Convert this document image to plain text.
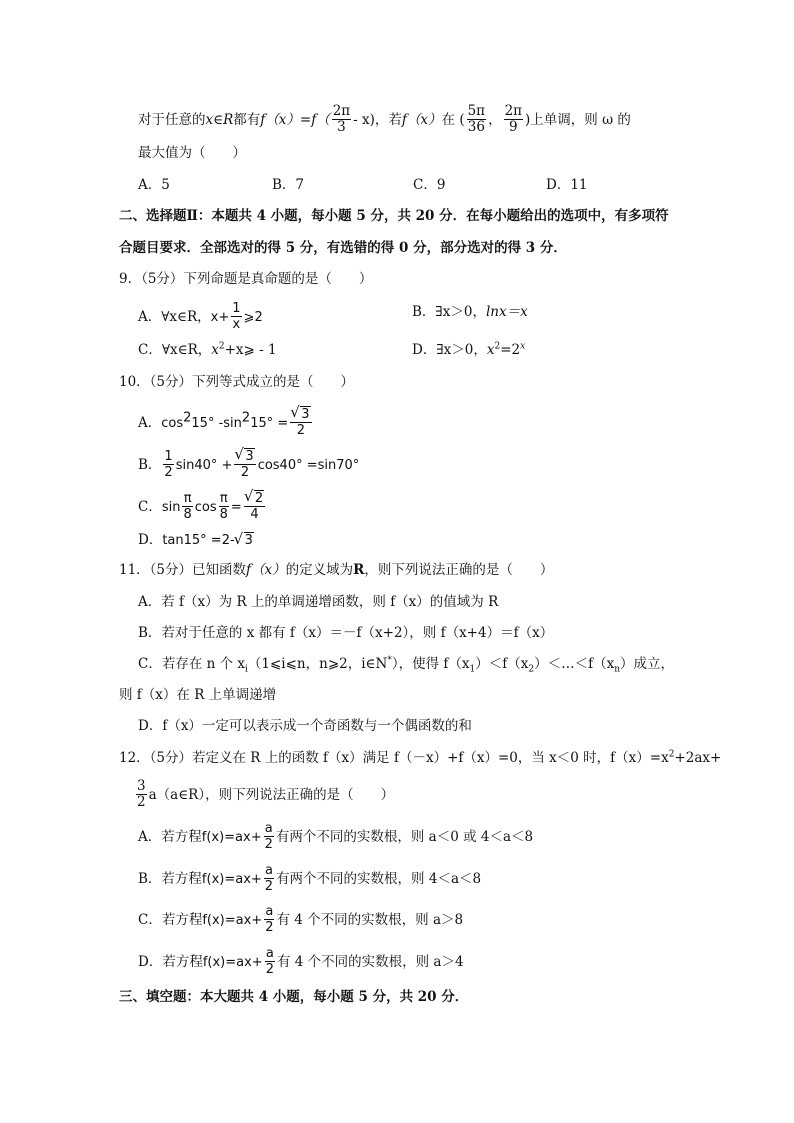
对于任意的x∈R都有$f(x)=f( \frac{2\pi}{3} - x)$，若f（x）在 ( $\frac{5\pi}{36}$ ， $\frac{2\pi}{9}$ )上单调，则 ω 的
最大值为（　　）
A．5	B．7	C．9	D．11
二、选择题Ⅱ：本题共 4 小题，每小题 5 分，共 20 分．在每小题给出的选项中，有多项符
合题目要求．全部选对的得 5 分，有选错的得 0 分，部分选对的得 3 分．
9．（5分）下列命题是真命题的是（　　）
A．∀x∈R，$x+ \frac{1}{x}$ ⩾2	B．∃x＞0，lnx＝x
C．∀x∈R，$x^2+x⩾ - 1$	D．∃x＞0，$x^2=2^x$
10．（5分）下列等式成立的是（　　）
A．$\cos^215^\circ$ $-\sin^215^\circ$ = √ $\frac{3}{2}$
B． $\frac{1}{2} \sin 40^\circ$ + √ $\frac{3}{2} \cos 40^\circ =\sin 70^\circ$
C．$\sin \frac{\pi}{8}$ $\cos \frac{\pi}{8}$ = √ $\frac{2}{4}$
D．tan15° =2- √ 3
11．（5分）已知函数f（x）的定义域为R，则下列说法正确的是（　　）
A．若 f（x）为 R 上的单调递增函数，则 f（x）的值域为 R
B．若对于任意的 x 都有 f（x）＝－f（x+2），则 f（x+4）＝f（x）
C．若存在 n 个 $x_i(1⩽i⩽n$，n⩾2，i∈N*），使得 $f(x_1)<f(x_2)<\dots<f(x_n)$成立，
则 f（x）在 R 上单调递增
D．f（x）一定可以表示成一个奇函数与一个偶函数的和
12．（5分）若定义在 R 上的函数 f（x）满足 f（－x）+f（x）=0，当 x＜0 时，$f(x)=x^2+2ax+$
$\frac{3}{2}$ a（a∈R），则下列说法正确的是（　　）
A．若方程$f(x)=ax+ \frac{a}{2}$ 有两个不同的实数根，则 a＜0 或 4＜a＜8
B．若方程$f(x)=ax+ \frac{a}{2}$ 有两个不同的实数根，则 4＜a＜8
C．若方程$f(x)=ax+ \frac{a}{2}$ 有 4 个不同的实数根，则 a＞8
D．若方程$f(x)=ax+ \frac{a}{2}$ 有 4 个不同的实数根，则 a＞4
三、填空题：本大题共 4 小题，每小题 5 分，共 20 分．
